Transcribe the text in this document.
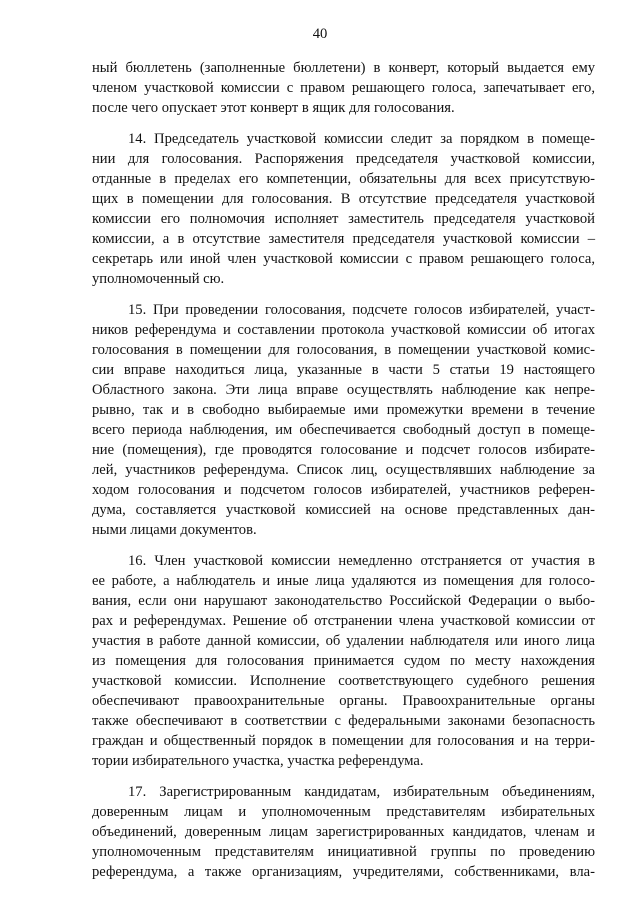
40
ный бюллетень (заполненные бюллетени) в конверт, который выдается ему
членом участковой комиссии с правом решающего голоса, запечатывает его,
после чего опускает этот конверт в ящик для голосования.
14. Председатель участковой комиссии следит за порядком в помеще-
нии для голосования. Распоряжения председателя участковой комиссии,
отданные в пределах его компетенции, обязательны для всех присутствую-
щих в помещении для голосования. В отсутствие председателя участковой
комиссии его полномочия исполняет заместитель председателя участковой
комиссии, а в отсутствие заместителя председателя участковой комиссии –
секретарь или иной член участковой комиссии с правом решающего голоса,
уполномоченный сю.
15. При проведении голосования, подсчете голосов избирателей, участ-
ников референдума и составлении протокола участковой комиссии об итогах
голосования в помещении для голосования, в помещении участковой комис-
сии вправе находиться лица, указанные в части 5 статьи 19 настоящего
Областного закона. Эти лица вправе осуществлять наблюдение как непре-
рывно, так и в свободно выбираемые ими промежутки времени в течение
всего периода наблюдения, им обеспечивается свободный доступ в помеще-
ние (помещения), где проводятся голосование и подсчет голосов избирате-
лей, участников референдума. Список лиц, осуществлявших наблюдение за
ходом голосования и подсчетом голосов избирателей, участников референ-
дума, составляется участковой комиссией на основе представленных дан-
ными лицами документов.
16. Член участковой комиссии немедленно отстраняется от участия в
ее работе, а наблюдатель и иные лица удаляются из помещения для голосо-
вания, если они нарушают законодательство Российской Федерации о выбо-
рах и референдумах. Решение об отстранении члена участковой комиссии от
участия в работе данной комиссии, об удалении наблюдателя или иного лица
из помещения для голосования принимается судом по месту нахождения
участковой комиссии. Исполнение соответствующего судебного решения
обеспечивают правоохранительные органы. Правоохранительные органы
также обеспечивают в соответствии с федеральными законами безопасность
граждан и общественный порядок в помещении для голосования и на терри-
тории избирательного участка, участка референдума.
17. Зарегистрированным кандидатам, избирательным объединениям,
доверенным лицам и уполномоченным представителям избирательных
объединений, доверенным лицам зарегистрированных кандидатов, членам и
уполномоченным представителям инициативной группы по проведению
референдума, а также организациям, учредителями, собственниками, вла-
